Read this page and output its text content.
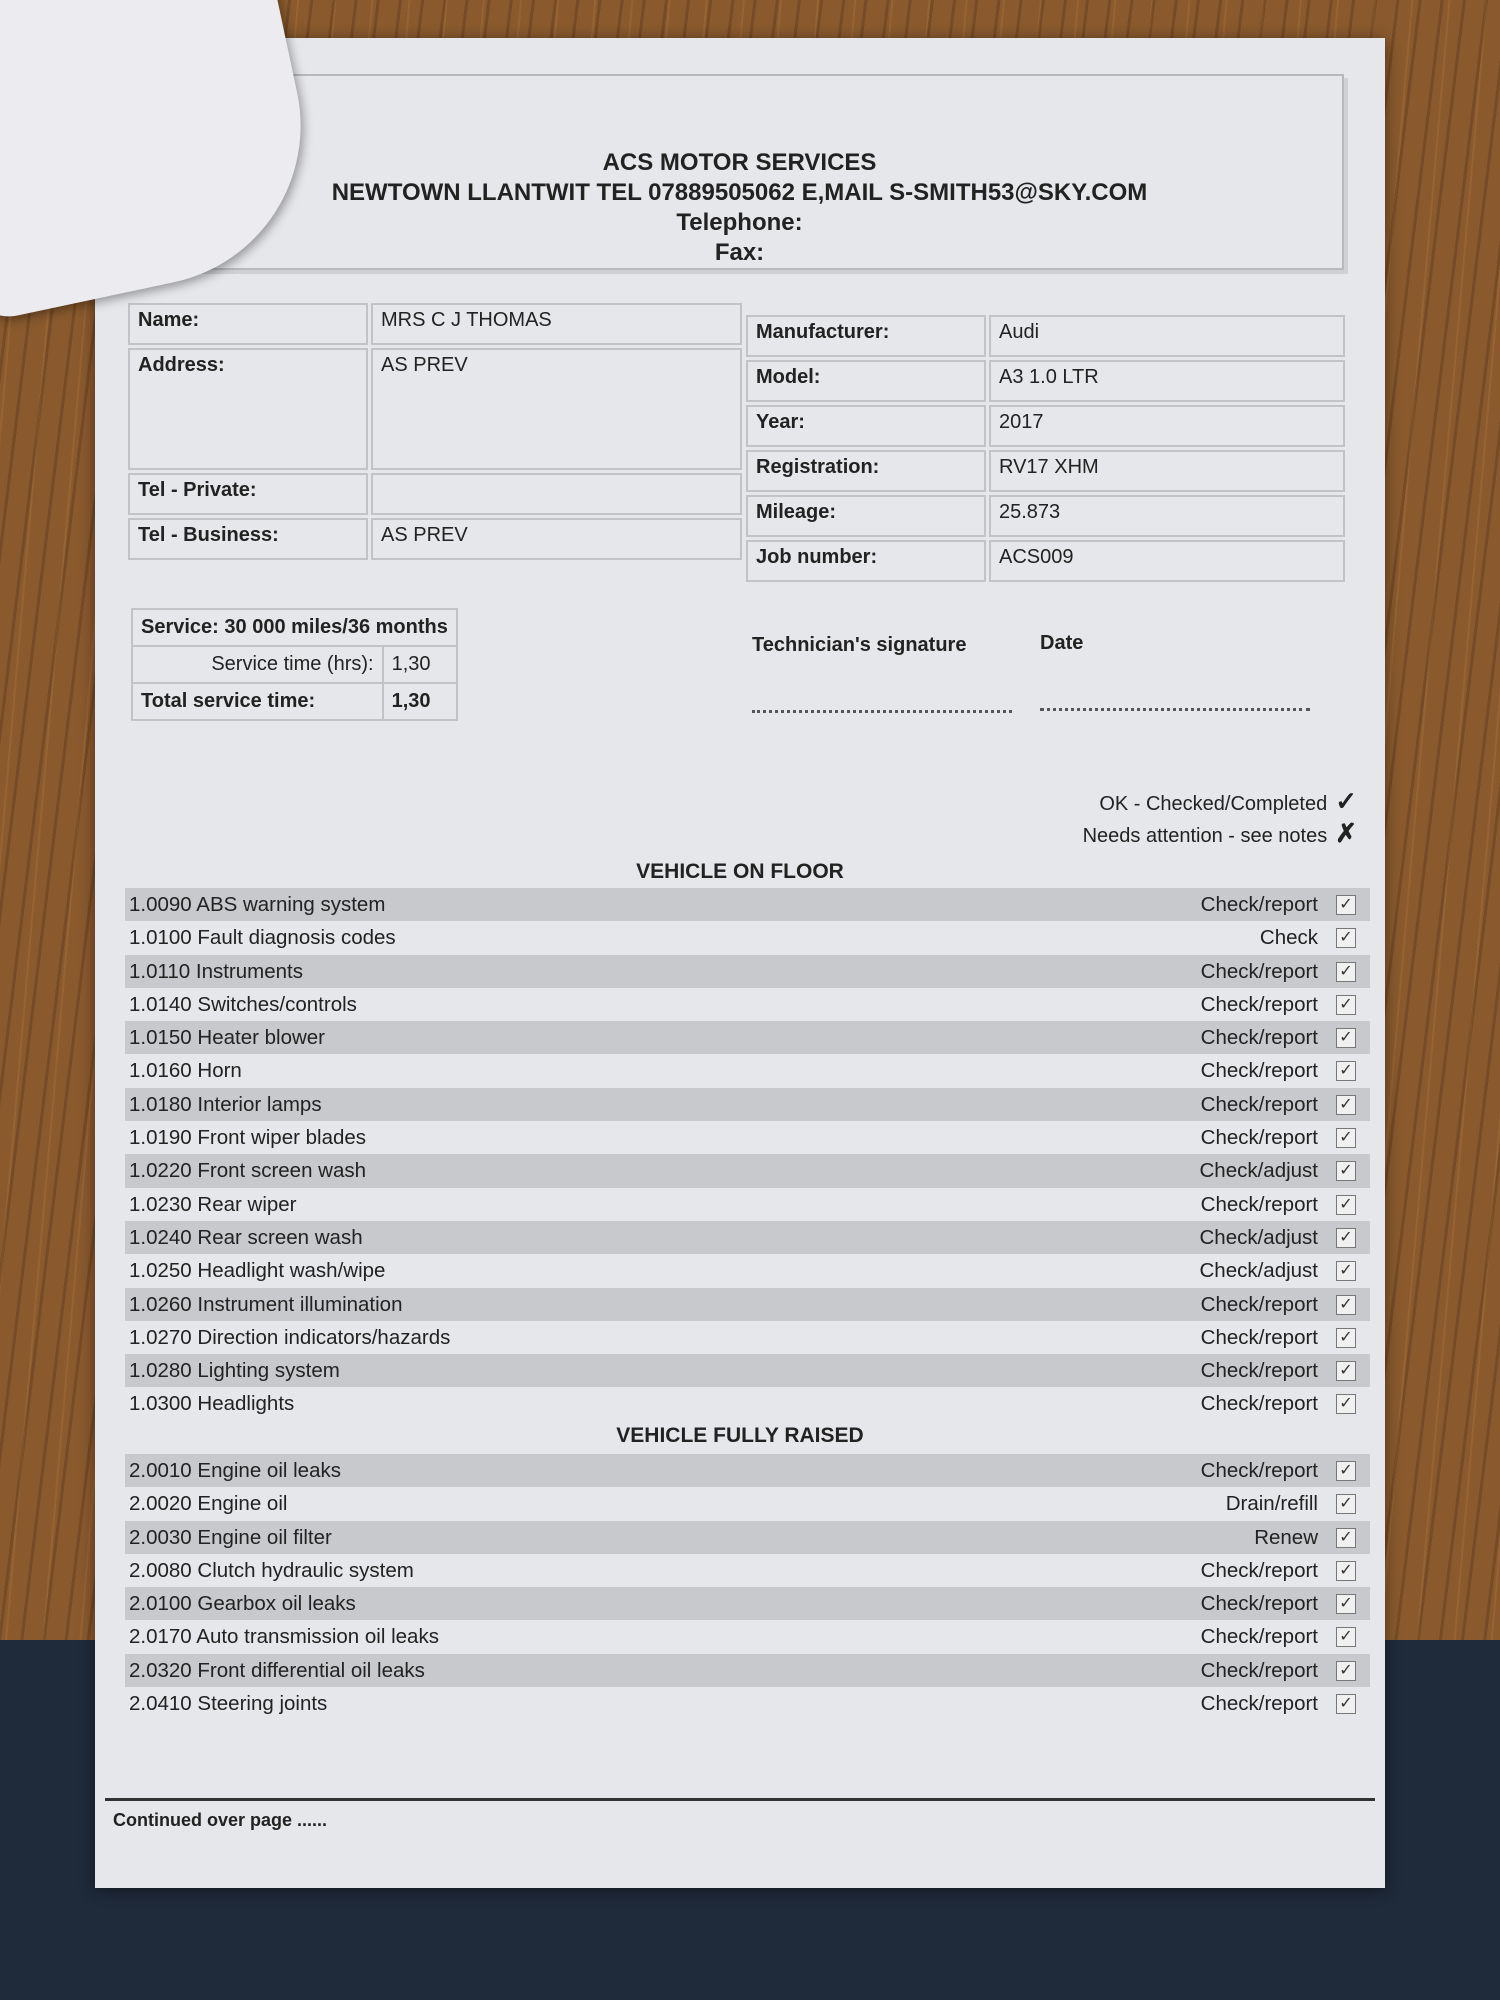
ACS MOTOR SERVICES
NEWTOWN LLANTWIT TEL 07889505062 E,MAIL S-SMITH53@SKY.COM
Telephone:
Fax:
Name:	MRS C J THOMAS
Address:	AS PREV
Tel - Private:	
Tel - Business:	AS PREV
Manufacturer:	Audi
Model:	A3 1.0 LTR
Year:	2017
Registration:	RV17 XHM
Mileage:	25.873
Job number:	ACS009
Service: 30 000 miles/36 months	
Service time (hrs):	1,30
Total service time:	1,30
Technician's signature	Date
OK - Checked/Completed ✓
Needs attention - see notes ✗
VEHICLE ON FLOOR
1.0090 ABS warning system	Check/report ✓
1.0100 Fault diagnosis codes	Check ✓
1.0110 Instruments	Check/report ✓
1.0140 Switches/controls	Check/report ✓
1.0150 Heater blower	Check/report ✓
1.0160 Horn	Check/report ✓
1.0180 Interior lamps	Check/report ✓
1.0190 Front wiper blades	Check/report ✓
1.0220 Front screen wash	Check/adjust ✓
1.0230 Rear wiper	Check/report ✓
1.0240 Rear screen wash	Check/adjust ✓
1.0250 Headlight wash/wipe	Check/adjust ✓
1.0260 Instrument illumination	Check/report ✓
1.0270 Direction indicators/hazards	Check/report ✓
1.0280 Lighting system	Check/report ✓
1.0300 Headlights	Check/report ✓
VEHICLE FULLY RAISED
2.0010 Engine oil leaks	Check/report ✓
2.0020 Engine oil	Drain/refill ✓
2.0030 Engine oil filter	Renew ✓
2.0080 Clutch hydraulic system	Check/report ✓
2.0100 Gearbox oil leaks	Check/report ✓
2.0170 Auto transmission oil leaks	Check/report ✓
2.0320 Front differential oil leaks	Check/report ✓
2.0410 Steering joints	Check/report ✓
Continued over page ......
